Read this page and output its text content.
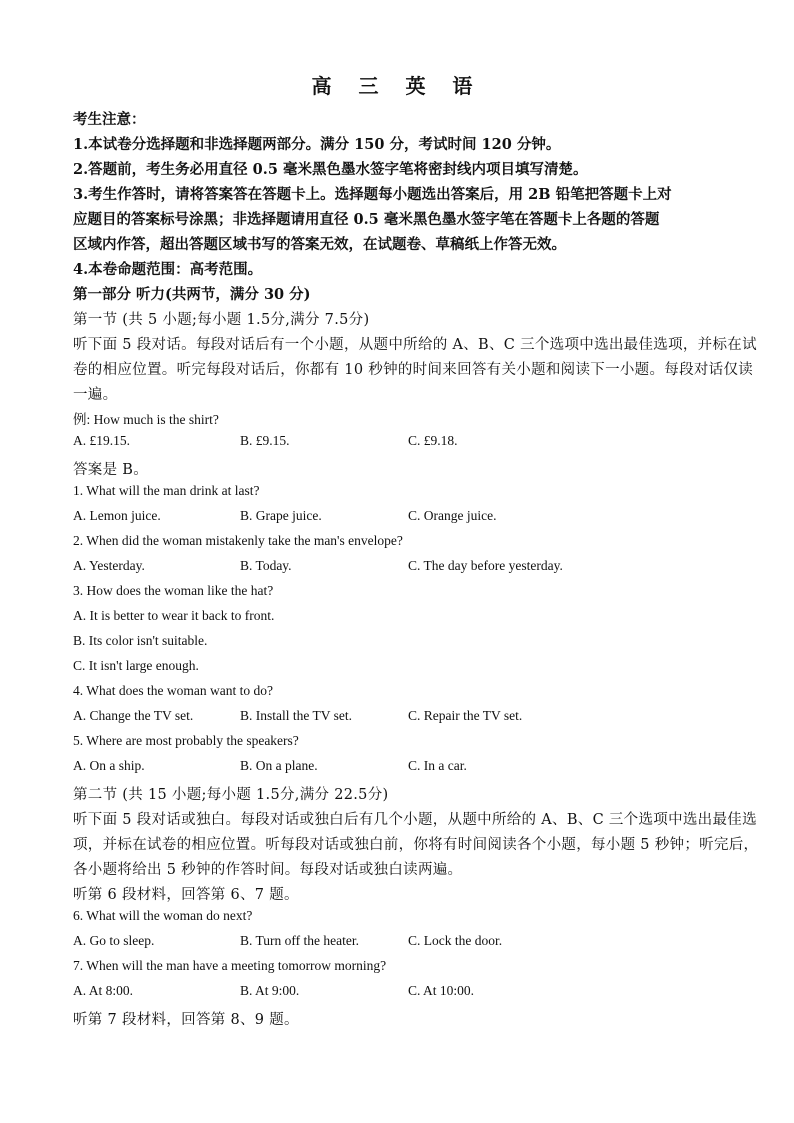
高 三 英 语
考生注意：
1.本试卷分选择题和非选择题两部分。满分 150 分，考试时间 120 分钟。
2.答题前，考生务必用直径 0.5 毫米黑色墨水签字笔将密封线内项目填写清楚。
3.考生作答时，请将答案答在答题卡上。选择题每小题选出答案后，用 2B 铅笔把答题卡上对
应题目的答案标号涂黑；非选择题请用直径 0.5 毫米黑色墨水签字笔在答题卡上各题的答题
区域内作答，超出答题区域书写的答案无效，在试题卷、草稿纸上作答无效。
4.本卷命题范围：高考范围。
第一部分 听力(共两节，满分 30 分)
第一节 (共 5 小题;每小题 1.5分,满分 7.5分)
听下面 5 段对话。每段对话后有一个小题，从题中所给的 A、B、C 三个选项中选出最佳选项，并标在试
卷的相应位置。听完每段对话后，你都有 10 秒钟的时间来回答有关小题和阅读下一小题。每段对话仅读
一遍。
例: How much is the shirt?
A. £19.15.	B. £9.15.	C. £9.18.
答案是 B。
1. What will the man drink at last?
A. Lemon juice.	B. Grape juice.	C. Orange juice.
2. When did the woman mistakenly take the man's envelope?
A. Yesterday.	B. Today.	C. The day before yesterday.
3. How does the woman like the hat?
A. It is better to wear it back to front.
B. Its color isn't suitable.
C. It isn't large enough.
4. What does the woman want to do?
A. Change the TV set.	B. Install the TV set.	C. Repair the TV set.
5. Where are most probably the speakers?
A. On a ship.	B. On a plane.	C. In a car.
第二节 (共 15 小题;每小题 1.5分,满分 22.5分)
听下面 5 段对话或独白。每段对话或独白后有几个小题，从题中所给的 A、B、C 三个选项中选出最佳选
项，并标在试卷的相应位置。听每段对话或独白前，你将有时间阅读各个小题，每小题 5 秒钟；听完后，
各小题将给出 5 秒钟的作答时间。每段对话或独白读两遍。
听第 6 段材料，回答第 6、7 题。
6. What will the woman do next?
A. Go to sleep.	B. Turn off the heater.	C. Lock the door.
7. When will the man have a meeting tomorrow morning?
A. At 8:00.	B. At 9:00.	C. At 10:00.
听第 7 段材料，回答第 8、9 题。
